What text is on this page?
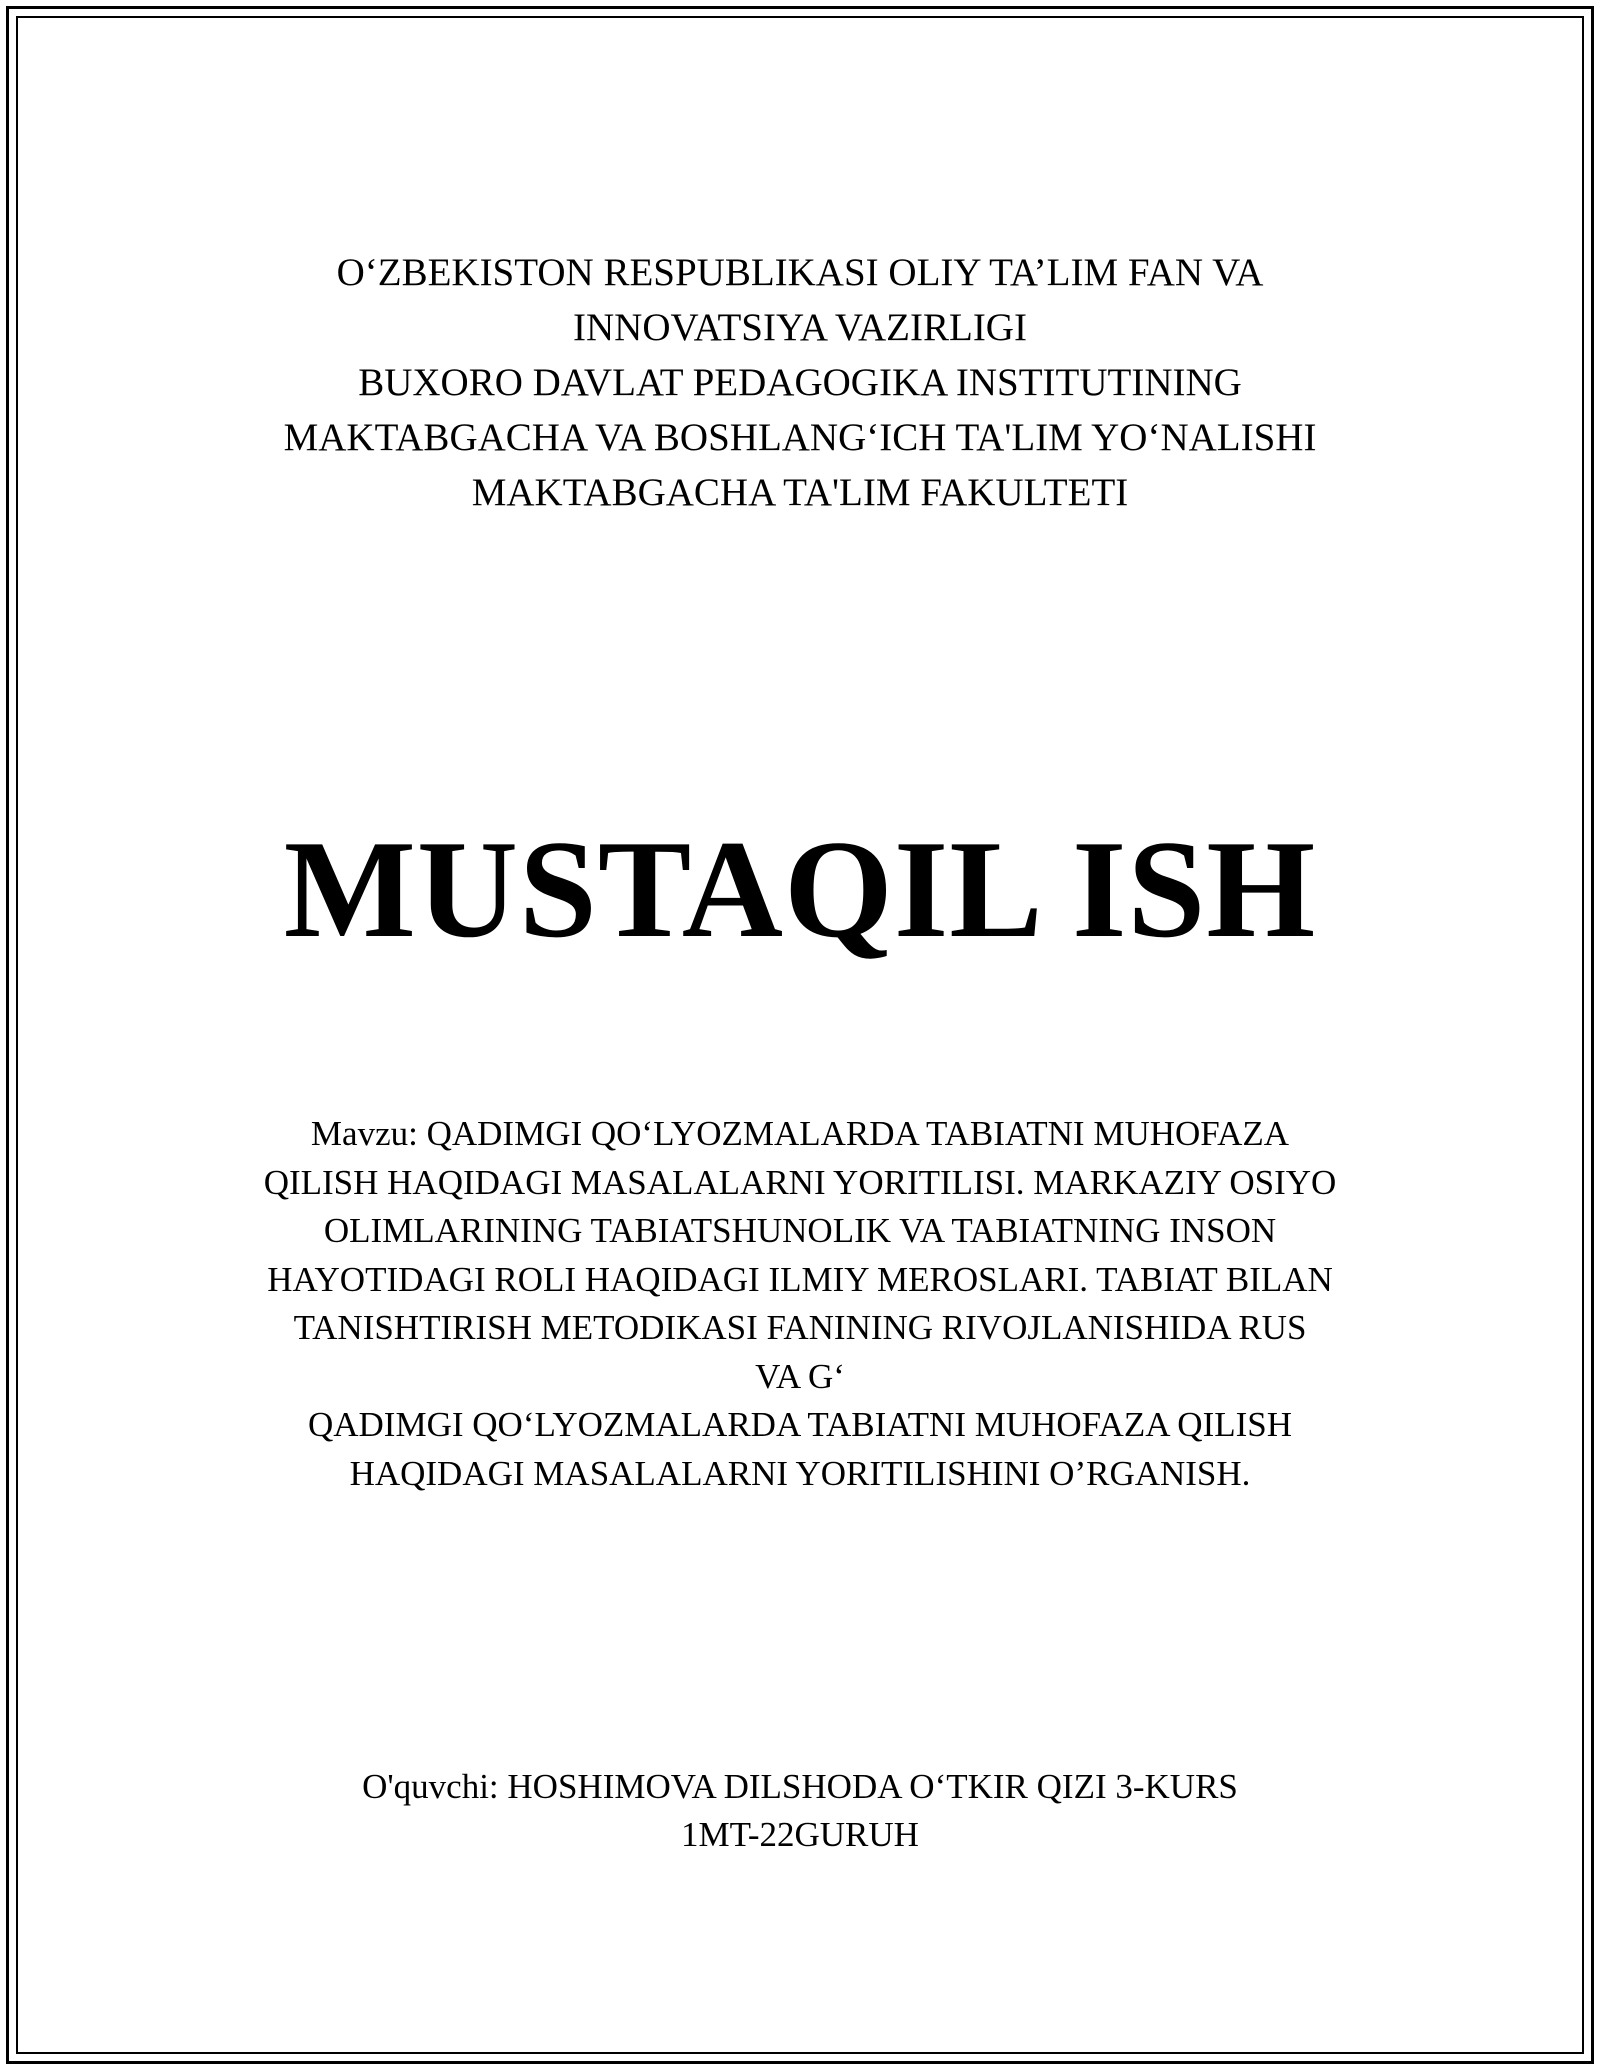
O‘ZBEKISTON RESPUBLIKASI OLIY TA’LIM FAN VA
INNOVATSIYA VAZIRLIGI
BUXORO DAVLAT PEDAGOGIKA INSTITUTINING
MAKTABGACHA VA BOSHLANG‘ICH TA'LIM YO‘NALISHI
MAKTABGACHA TA'LIM FAKULTETI
MUSTAQIL ISH
Mavzu: QADIMGI QO‘LYOZMALARDA TABIATNI MUHOFAZA
QILISH HAQIDAGI MASALALARNI YORITILISI. MARKAZIY OSIYO
OLIMLARINING TABIATSHUNOLIK VA TABIATNING INSON
HAYOTIDAGI ROLI HAQIDAGI ILMIY MEROSLARI. TABIAT BILAN
TANISHTIRISH METODIKASI FANINING RIVOJLANISHIDA RUS
VA G‘
QADIMGI QO‘LYOZMALARDA TABIATNI MUHOFAZA QILISH
HAQIDAGI MASALALARNI YORITILISHINI O’RGANISH.
O'quvchi: HOSHIMOVA DILSHODA O‘TKIR QIZI 3-KURS
1MT-22GURUH
